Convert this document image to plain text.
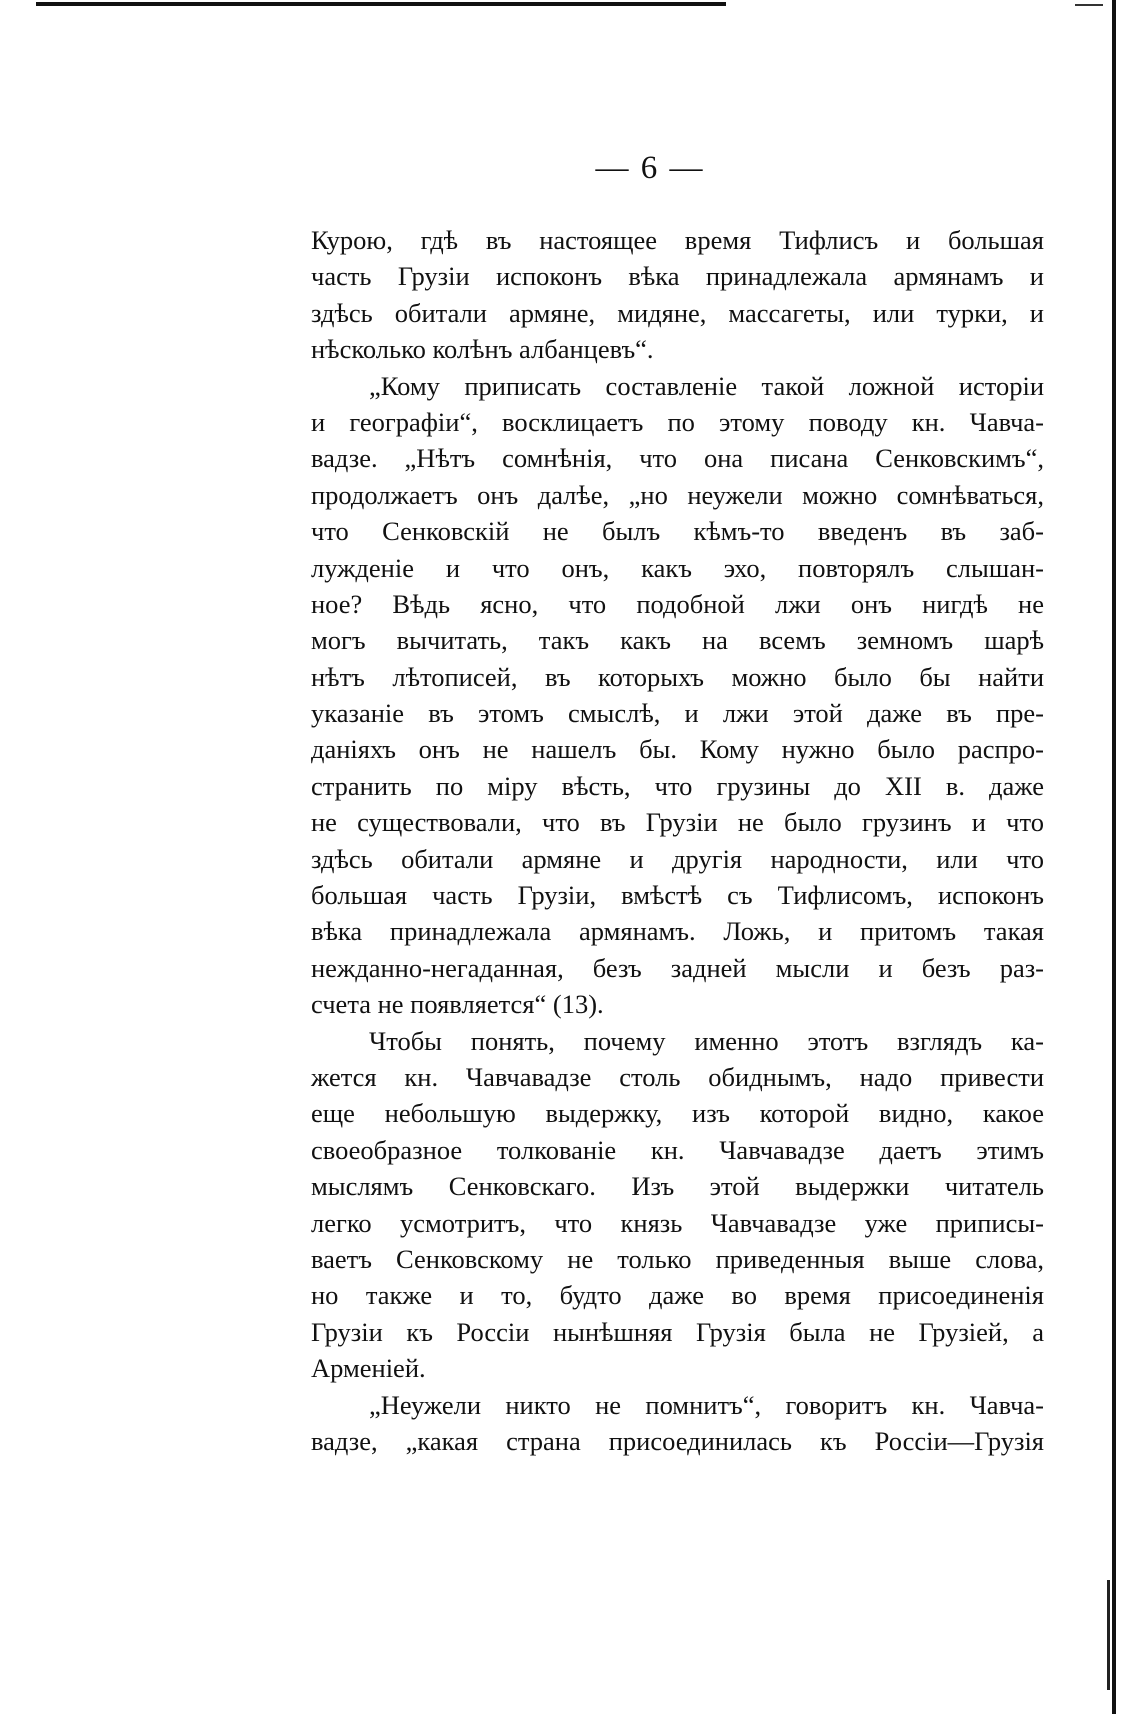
— 6 —
Курою, гдѣ въ настоящее время Тифлисъ и большая
часть Грузіи испоконъ вѣка принадлежала армянамъ и
здѣсь обитали армяне, мидяне, массагеты, или турки, и
нѣсколько колѣнъ албанцевъ“.
„Кому приписать составленіе такой ложной исторіи
и географіи“, восклицаетъ по этому поводу кн. Чавча-
вадзе. „Нѣтъ сомнѣнія, что она писана Сенковскимъ“,
продолжаетъ онъ далѣе, „но неужели можно сомнѣваться,
что Сенковскій не былъ кѣмъ-то введенъ въ заб-
лужденіе и что онъ, какъ эхо, повторялъ слышан-
ное? Вѣдь ясно, что подобной лжи онъ нигдѣ не
могъ вычитать, такъ какъ на всемъ земномъ шарѣ
нѣтъ лѣтописей, въ которыхъ можно было бы найти
указаніе въ этомъ смыслѣ, и лжи этой даже въ пре-
даніяхъ онъ не нашелъ бы. Кому нужно было распро-
странить по міру вѣсть, что грузины до XII в. даже
не существовали, что въ Грузіи не было грузинъ и что
здѣсь обитали армяне и другія народности, или что
большая часть Грузіи, вмѣстѣ съ Тифлисомъ, испоконъ
вѣка принадлежала армянамъ. Ложь, и притомъ такая
нежданно-негаданная, безъ задней мысли и безъ раз-
счета не появляется“ (13).
Чтобы понять, почему именно этотъ взглядъ ка-
жется кн. Чавчавадзе столь обиднымъ, надо привести
еще небольшую выдержку, изъ которой видно, какое
своеобразное толкованіе кн. Чавчавадзе даетъ этимъ
мыслямъ Сенковскаго. Изъ этой выдержки читатель
легко усмотритъ, что князь Чавчавадзе уже приписы-
ваетъ Сенковскому не только приведенныя выше слова,
но также и то, будто даже во время присоединенія
Грузіи къ Россіи нынѣшняя Грузія была не Грузіей, а
Арменіей.
„Неужели никто не помнитъ“, говоритъ кн. Чавча-
вадзе, „какая страна присоединилась къ Россіи—Грузія
